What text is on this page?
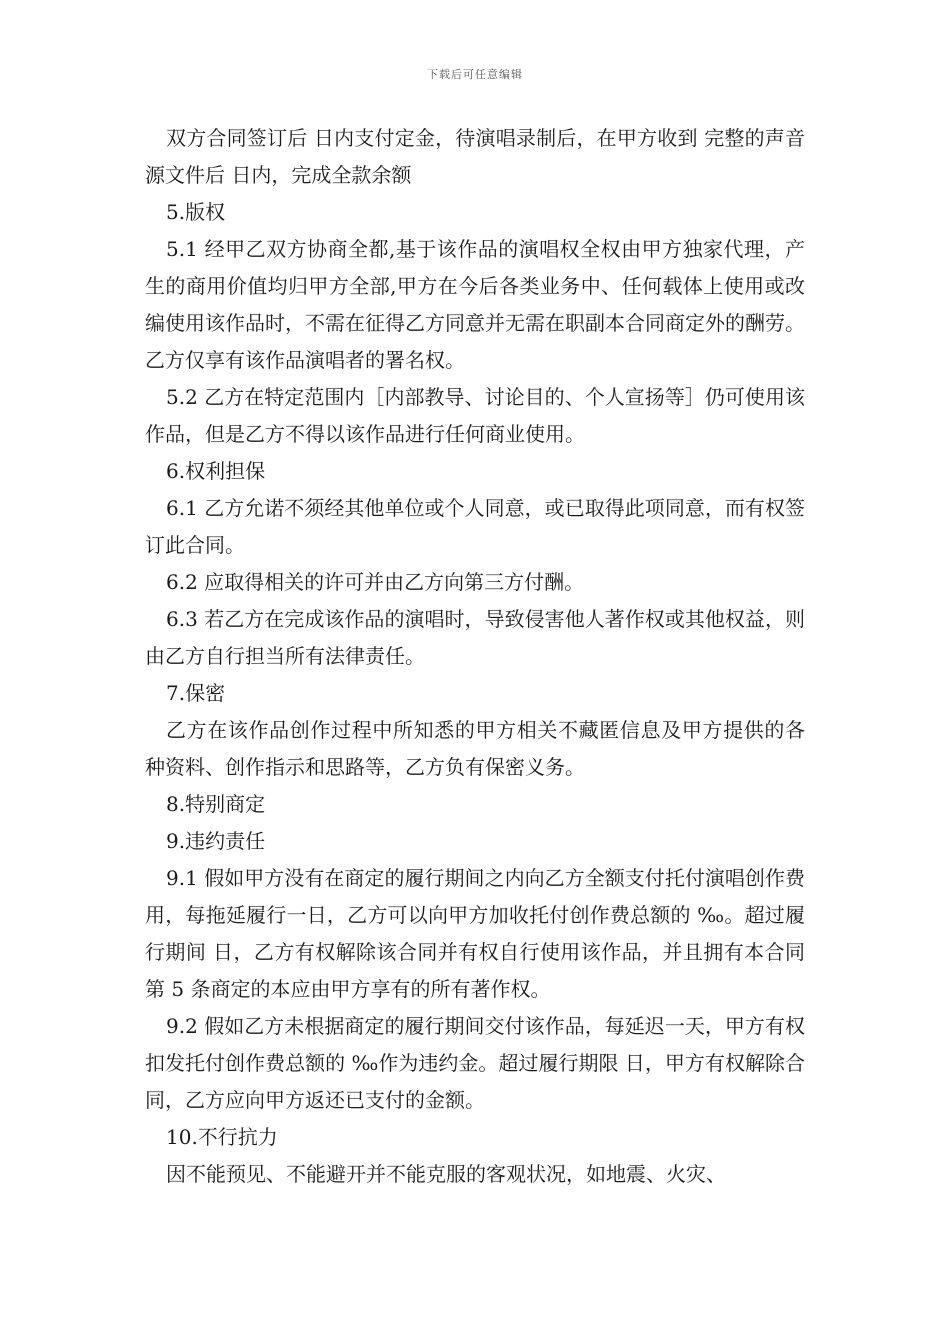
下载后可任意编辑

双方合同签订后 日内支付定金，待演唱录制后，在甲方收到 完整的声音源文件后 日内，完成全款余额

5.版权

5.1 经甲乙双方协商全都,基于该作品的演唱权全权由甲方独家代理，产生的商用价值均归甲方全部,甲方在今后各类业务中、任何载体上使用或改编使用该作品时，不需在征得乙方同意并无需在职副本合同商定外的酬劳。乙方仅享有该作品演唱者的署名权。

5.2 乙方在特定范围内［内部教导、讨论目的、个人宣扬等］仍可使用该作品，但是乙方不得以该作品进行任何商业使用。

6.权利担保

6.1 乙方允诺不须经其他单位或个人同意，或已取得此项同意，而有权签订此合同。

6.2 应取得相关的许可并由乙方向第三方付酬。

6.3 若乙方在完成该作品的演唱时，导致侵害他人著作权或其他权益，则由乙方自行担当所有法律责任。

7.保密

乙方在该作品创作过程中所知悉的甲方相关不藏匿信息及甲方提供的各种资料、创作指示和思路等，乙方负有保密义务。

8.特别商定

9.违约责任

9.1 假如甲方没有在商定的履行期间之内向乙方全额支付托付演唱创作费用，每拖延履行一日，乙方可以向甲方加收托付创作费总额的 ‰。超过履行期间 日，乙方有权解除该合同并有权自行使用该作品，并且拥有本合同第 5 条商定的本应由甲方享有的所有著作权。

9.2 假如乙方未根据商定的履行期间交付该作品，每延迟一天，甲方有权扣发托付创作费总额的 ‰作为违约金。超过履行期限 日，甲方有权解除合同，乙方应向甲方返还已支付的金额。

10.不行抗力

因不能预见、不能避开并不能克服的客观状况，如地震、火灾、
